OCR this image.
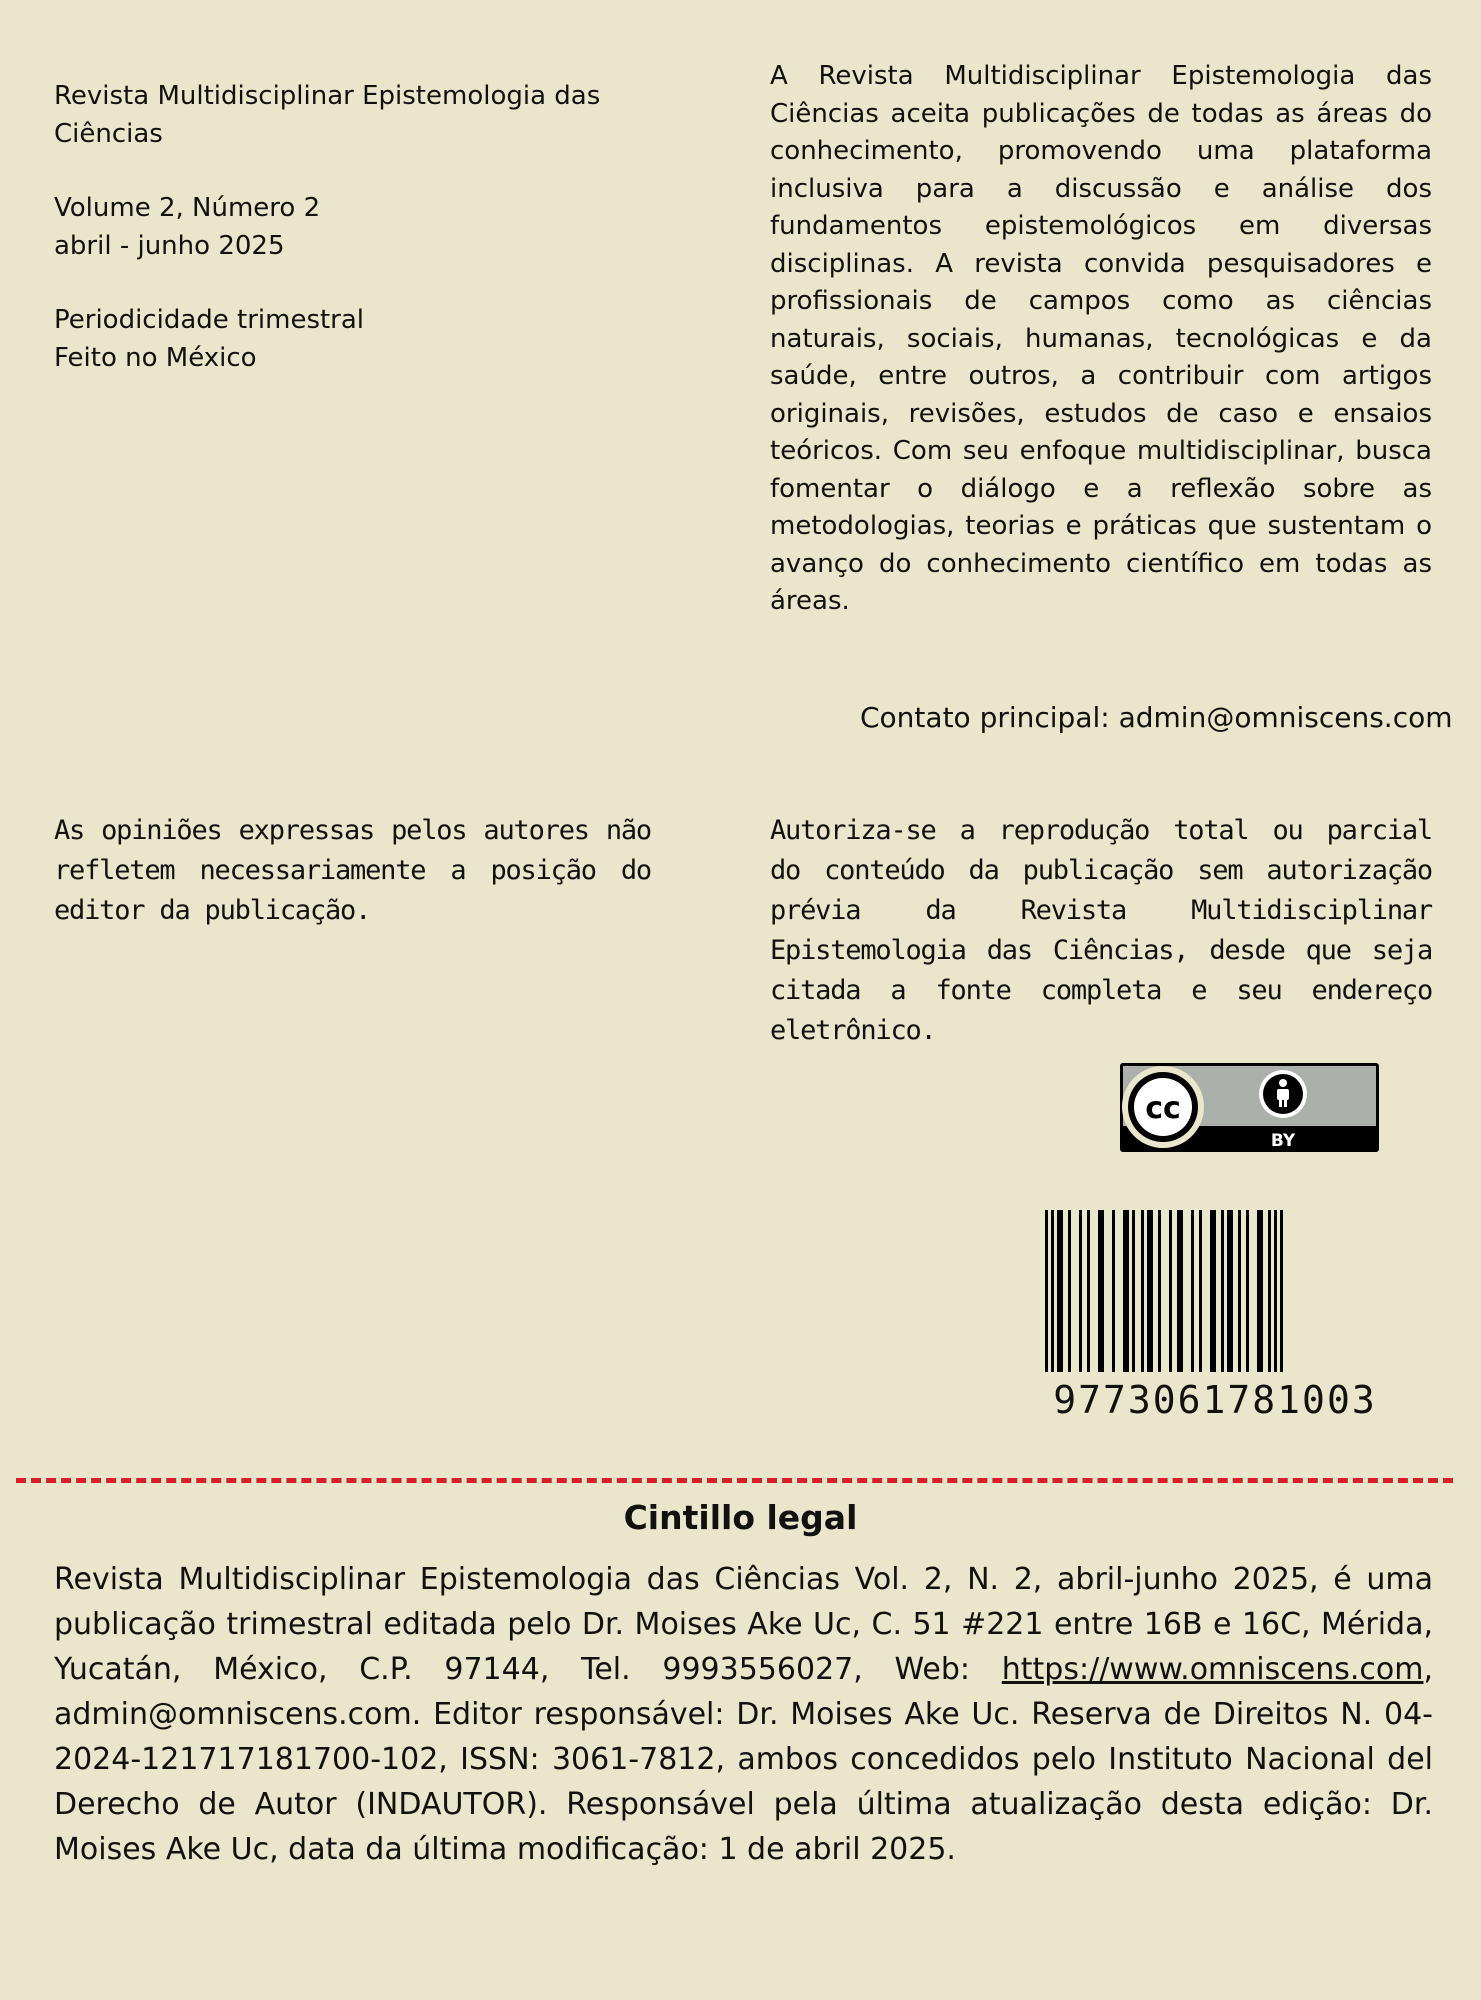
Revista Multidisciplinar Epistemologia das Ciências

Volume 2, Número 2
abril - junho 2025

Periodicidade trimestral
Feito no México

A Revista Multidisciplinar Epistemologia das Ciências aceita publicações de todas as áreas do conhecimento, promovendo uma plataforma inclusiva para a discussão e análise dos fundamentos epistemológicos em diversas disciplinas. A revista convida pesquisadores e profissionais de campos como as ciências naturais, sociais, humanas, tecnológicas e da saúde, entre outros, a contribuir com artigos originais, revisões, estudos de caso e ensaios teóricos. Com seu enfoque multidisciplinar, busca fomentar o diálogo e a reflexão sobre as metodologias, teorias e práticas que sustentam o avanço do conhecimento científico em todas as áreas.
Contato principal: admin@omniscens.com
As opiniões expressas pelos autores não refletem necessariamente a posição do editor da publicação.
Autoriza-se a reprodução total ou parcial do conteúdo da publicação sem autorização prévia da Revista Multidisciplinar Epistemologia das Ciências, desde que seja citada a fonte completa e seu endereço eletrônico.
cc
BY
9773061781003
Cintillo legal
Revista Multidisciplinar Epistemologia das Ciências Vol. 2, N. 2, abril-junho 2025, é uma publicação trimestral editada pelo Dr. Moises Ake Uc, C. 51 #221 entre 16B e 16C, Mérida, Yucatán, México, C.P. 97144, Tel. 9993556027, Web: https://www.omniscens.com, admin@omniscens.com. Editor responsável: Dr. Moises Ake Uc. Reserva de Direitos N. 04-2024-121717181700-102, ISSN: 3061-7812, ambos concedidos pelo Instituto Nacional del Derecho de Autor (INDAUTOR). Responsável pela última atualização desta edição: Dr. Moises Ake Uc, data da última modificação: 1 de abril 2025.
